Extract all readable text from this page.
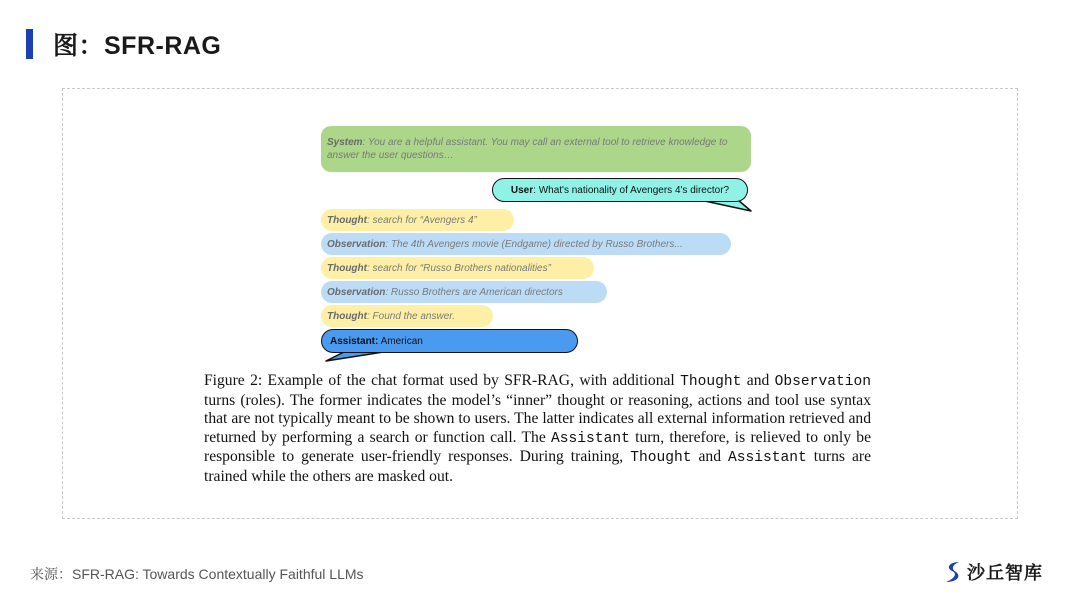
图：SFR-RAG
System: You are a helpful assistant. You may call an external tool to retrieve knowledge to answer the user questions…
User: What's nationality of Avengers 4's director?
Thought: search for “Avengers 4”
Observation: The 4th Avengers movie (Endgame) directed by Russo Brothers...
Thought: search for “Russo Brothers nationalities”
Observation: Russo Brothers are American directors
Thought: Found the answer.
Assistant: American
Figure 2: Example of the chat format used by SFR-RAG, with additional Thought and Observation turns (roles). The former indicates the model’s “inner” thought or reasoning, actions and tool use syntax that are not typically meant to be shown to users. The latter indicates all external information retrieved and returned by performing a search or function call. The Assistant turn, therefore, is relieved to only be responsible to generate user-friendly responses. During training, Thought and Assistant turns are trained while the others are masked out.
来源：SFR-RAG: Towards Contextually Faithful LLMs	沙丘智库
